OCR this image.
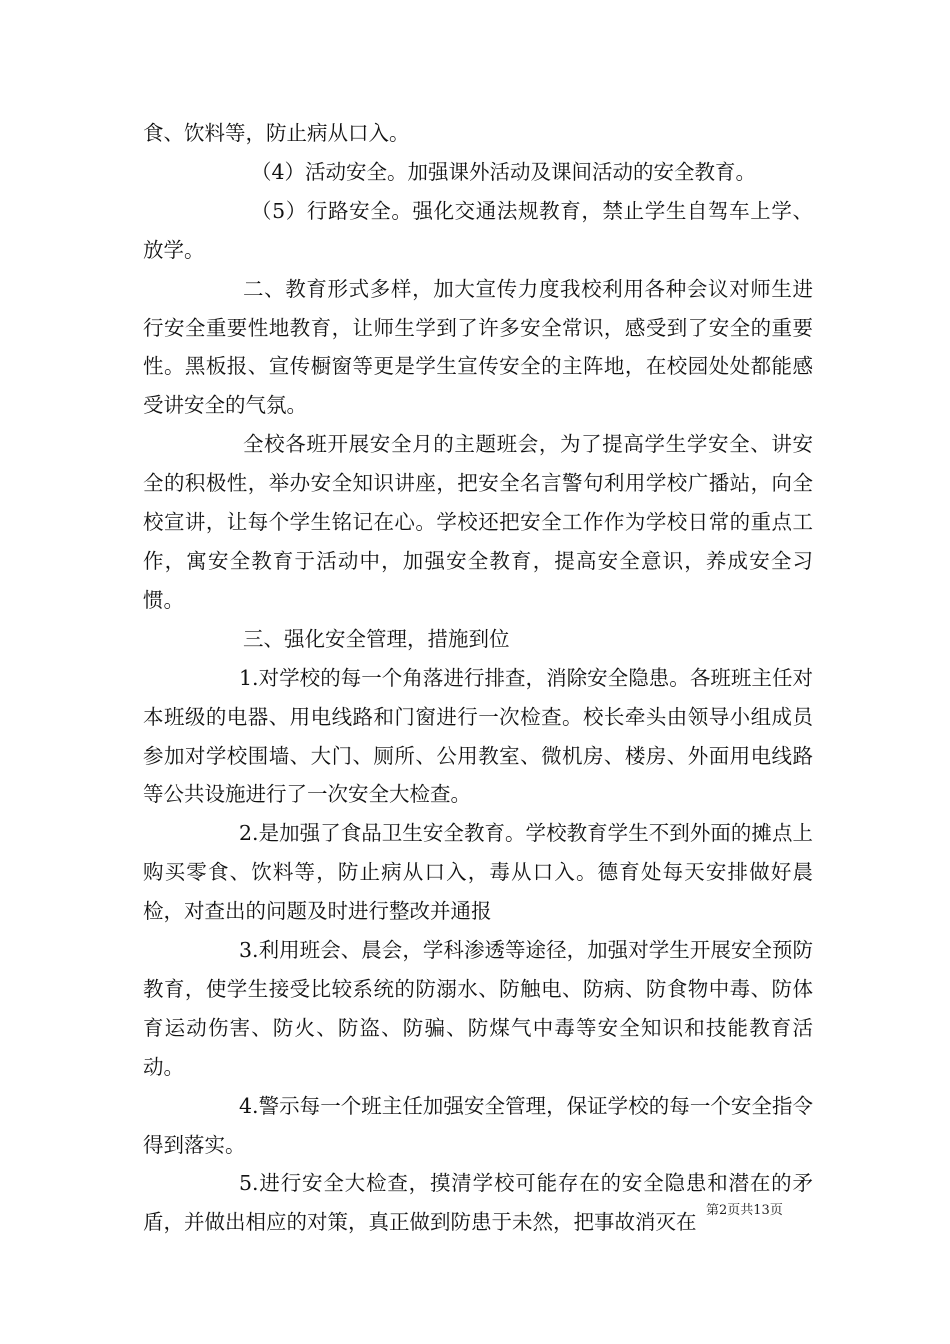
食、饮料等，防止病从口入。

（4）活动安全。加强课外活动及课间活动的安全教育。

（5）行路安全。强化交通法规教育，禁止学生自驾车上学、放学。

二、教育形式多样，加大宣传力度我校利用各种会议对师生进行安全重要性地教育，让师生学到了许多安全常识，感受到了安全的重要性。黑板报、宣传橱窗等更是学生宣传安全的主阵地，在校园处处都能感受讲安全的气氛。

全校各班开展安全月的主题班会，为了提高学生学安全、讲安全的积极性，举办安全知识讲座，把安全名言警句利用学校广播站，向全校宣讲，让每个学生铭记在心。学校还把安全工作作为学校日常的重点工作，寓安全教育于活动中，加强安全教育，提高安全意识，养成安全习惯。

三、强化安全管理，措施到位

1.对学校的每一个角落进行排查，消除安全隐患。各班班主任对本班级的电器、用电线路和门窗进行一次检查。校长牵头由领导小组成员参加对学校围墙、大门、厕所、公用教室、微机房、楼房、外面用电线路等公共设施进行了一次安全大检查。

2.是加强了食品卫生安全教育。学校教育学生不到外面的摊点上购买零食、饮料等，防止病从口入，毒从口入。德育处每天安排做好晨检，对查出的问题及时进行整改并通报

3.利用班会、晨会，学科渗透等途径，加强对学生开展安全预防教育，使学生接受比较系统的防溺水、防触电、防病、防食物中毒、防体育运动伤害、防火、防盗、防骗、防煤气中毒等安全知识和技能教育活动。

4.警示每一个班主任加强安全管理，保证学校的每一个安全指令得到落实。

5.进行安全大检查，摸清学校可能存在的安全隐患和潜在的矛盾，并做出相应的对策，真正做到防患于未然，把事故消灭在 第2页共13页
